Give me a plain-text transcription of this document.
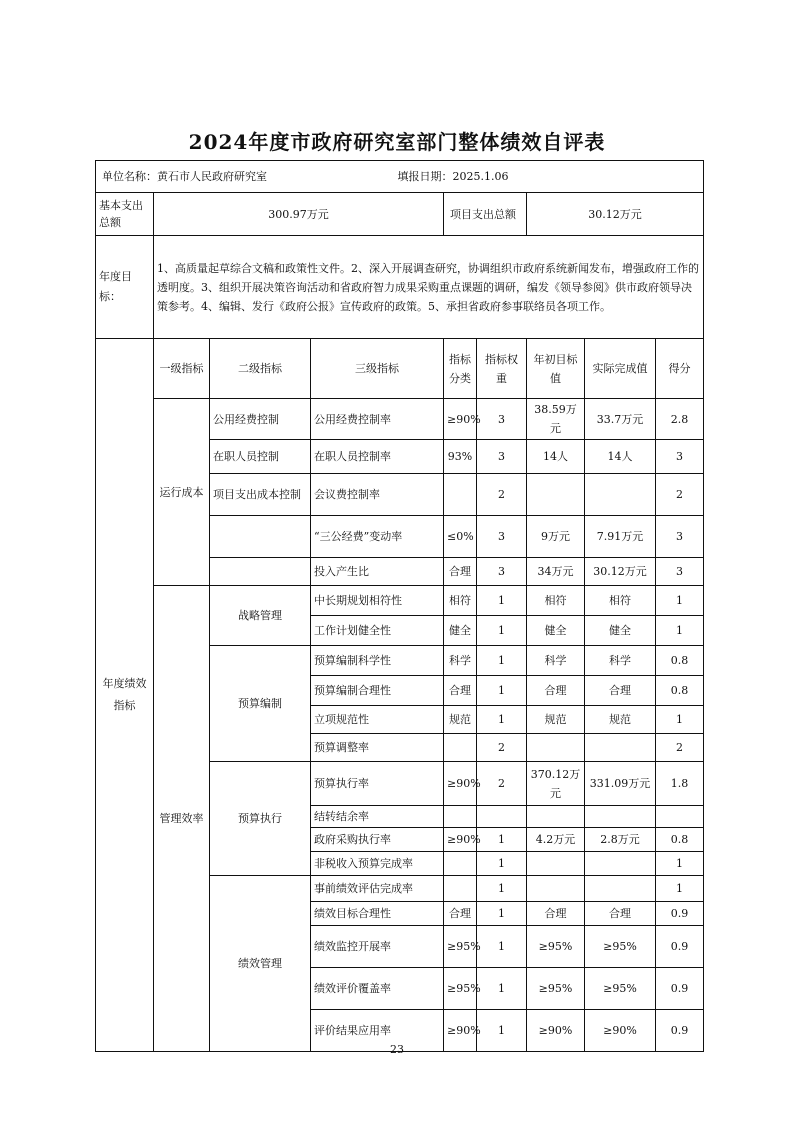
2024年度市政府研究室部门整体绩效自评表
单位名称：黄石市人民政府研究室 填报日期：2025.1.06								
基本支出总额	300.97万元			项目支出总额		30.12万元		
年度目标：	1、高质量起草综合文稿和政策性文件。2、深入开展调查研究，协调组织市政府系统新闻发布，增强政府工作的透明度。3、组织开展决策咨询活动和省政府智力成果采购重点课题的调研，编发《领导参阅》供市政府领导决策参考。4、编辑、发行《政府公报》宣传政府的政策。5、承担省政府参事联络员各项工作。							
年度绩效指标	一级指标	二级指标	三级指标	指标分类	指标权重	年初目标值	实际完成值	得分
	运行成本	公用经费控制	公用经费控制率	≥90%	3	38.59万元	33.7万元	2.8
		在职人员控制	在职人员控制率	93%	3	14人	14人	3
		项目支出成本控制	会议费控制率		2			2
			“三公经费”变动率	≤0%	3	9万元	7.91万元	3
			投入产生比	合理	3	34万元	30.12万元	3
	管理效率	战略管理	中长期规划相符性	相符	1	相符	相符	1
			工作计划健全性	健全	1	健全	健全	1
		预算编制	预算编制科学性	科学	1	科学	科学	0.8
			预算编制合理性	合理	1	合理	合理	0.8
			立项规范性	规范	1	规范	规范	1
			预算调整率		2			2
		预算执行	预算执行率	≥90%	2	370.12万元	331.09万元	1.8
			结转结余率					
			政府采购执行率	≥90%	1	4.2万元	2.8万元	0.8
			非税收入预算完成率		1			1
		绩效管理	事前绩效评估完成率		1			1
			绩效目标合理性	合理	1	合理	合理	0.9
			绩效监控开展率	≥95%	1	≥95%	≥95%	0.9
			绩效评价覆盖率	≥95%	1	≥95%	≥95%	0.9
			评价结果应用率	≥90%	1	≥90%	≥90%	0.9
23
